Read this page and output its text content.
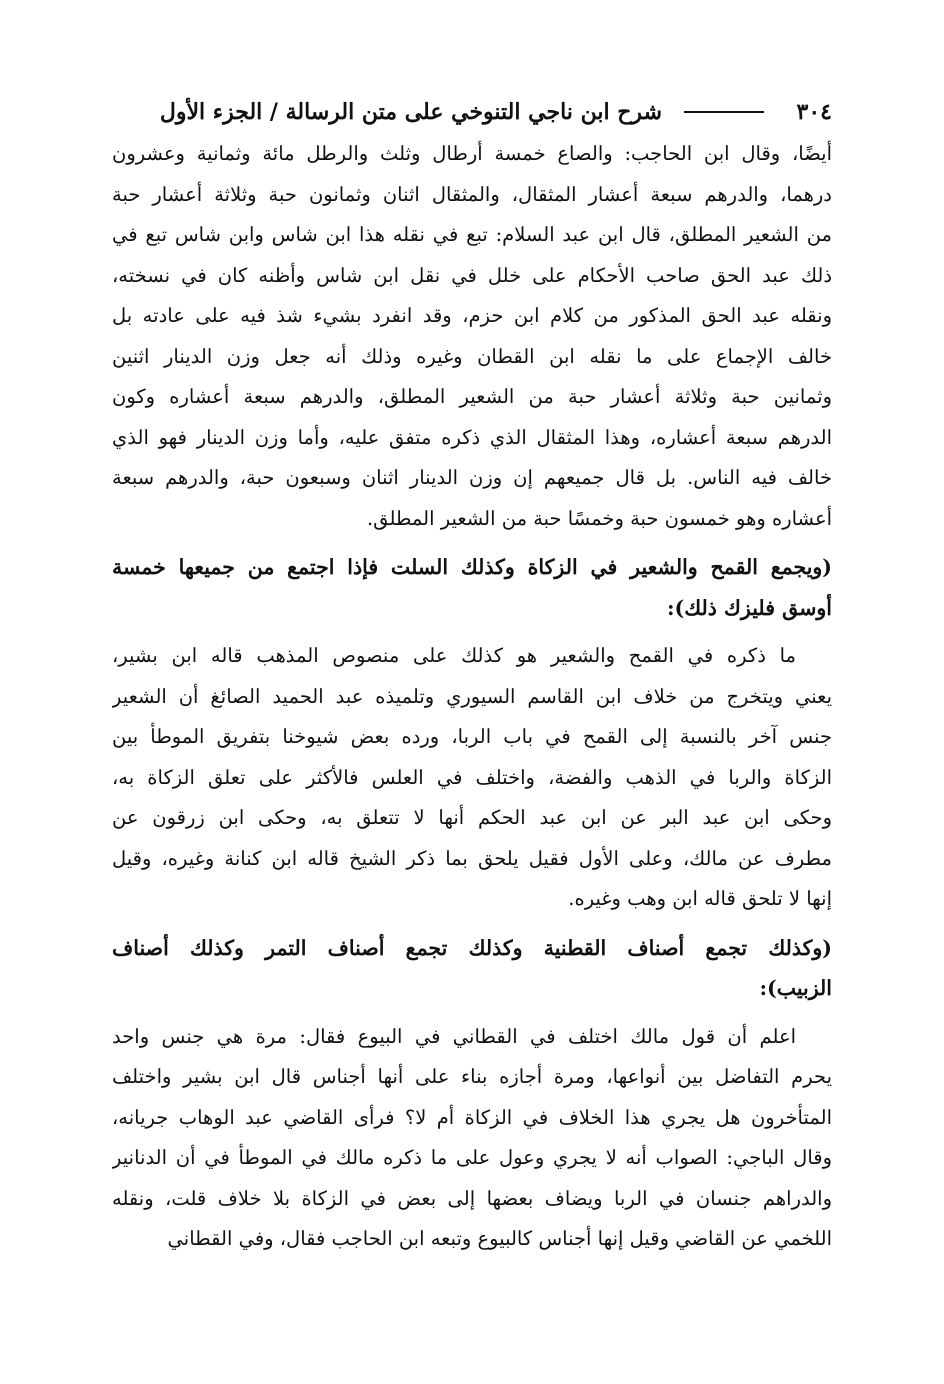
٣٠٤
شرح ابن ناجي التنوخي على متن الرسالة / الجزء الأول
أيضًا، وقال ابن الحاجب: والصاع خمسة أرطال وثلث والرطل مائة وثمانية وعشرون
درهما، والدرهم سبعة أعشار المثقال، والمثقال اثنان وثمانون حبة وثلاثة أعشار حبة
من الشعير المطلق، قال ابن عبد السلام: تبع في نقله هذا ابن شاس وابن شاس تبع في
ذلك عبد الحق صاحب الأحكام على خلل في نقل ابن شاس وأظنه كان في نسخته،
ونقله عبد الحق المذكور من كلام ابن حزم، وقد انفرد بشيء شذ فيه على عادته بل
خالف الإجماع على ما نقله ابن القطان وغيره وذلك أنه جعل وزن الدينار اثنين
وثمانين حبة وثلاثة أعشار حبة من الشعير المطلق، والدرهم سبعة أعشاره وكون
الدرهم سبعة أعشاره، وهذا المثقال الذي ذكره متفق عليه، وأما وزن الدينار فهو الذي
خالف فيه الناس. بل قال جميعهم إن وزن الدينار اثنان وسبعون حبة، والدرهم سبعة
أعشاره وهو خمسون حبة وخمسًا حبة من الشعير المطلق.
(ويجمع القمح والشعير في الزكاة وكذلك السلت فإذا اجتمع من جميعها خمسة
أوسق فليزك ذلك):
ما ذكره في القمح والشعير هو كذلك على منصوص المذهب قاله ابن بشير،
يعني ويتخرج من خلاف ابن القاسم السيوري وتلميذه عبد الحميد الصائغ أن الشعير
جنس آخر بالنسبة إلى القمح في باب الربا، ورده بعض شيوخنا بتفريق الموطأ بين
الزكاة والربا في الذهب والفضة، واختلف في العلس فالأكثر على تعلق الزكاة به،
وحكى ابن عبد البر عن ابن عبد الحكم أنها لا تتعلق به، وحكى ابن زرقون عن
مطرف عن مالك، وعلى الأول فقيل يلحق بما ذكر الشيخ قاله ابن كنانة وغيره، وقيل
إنها لا تلحق قاله ابن وهب وغيره.
(وكذلك تجمع أصناف القطنية وكذلك تجمع أصناف التمر وكذلك أصناف
الزبيب):
اعلم أن قول مالك اختلف في القطاني في البيوع فقال: مرة هي جنس واحد
يحرم التفاضل بين أنواعها، ومرة أجازه بناء على أنها أجناس قال ابن بشير واختلف
المتأخرون هل يجري هذا الخلاف في الزكاة أم لا؟ فرأى القاضي عبد الوهاب جريانه،
وقال الباجي: الصواب أنه لا يجري وعول على ما ذكره مالك في الموطأ في أن الدنانير
والدراهم جنسان في الربا ويضاف بعضها إلى بعض في الزكاة بلا خلاف قلت، ونقله
اللخمي عن القاضي وقيل إنها أجناس كالبيوع وتبعه ابن الحاجب فقال، وفي القطاني
